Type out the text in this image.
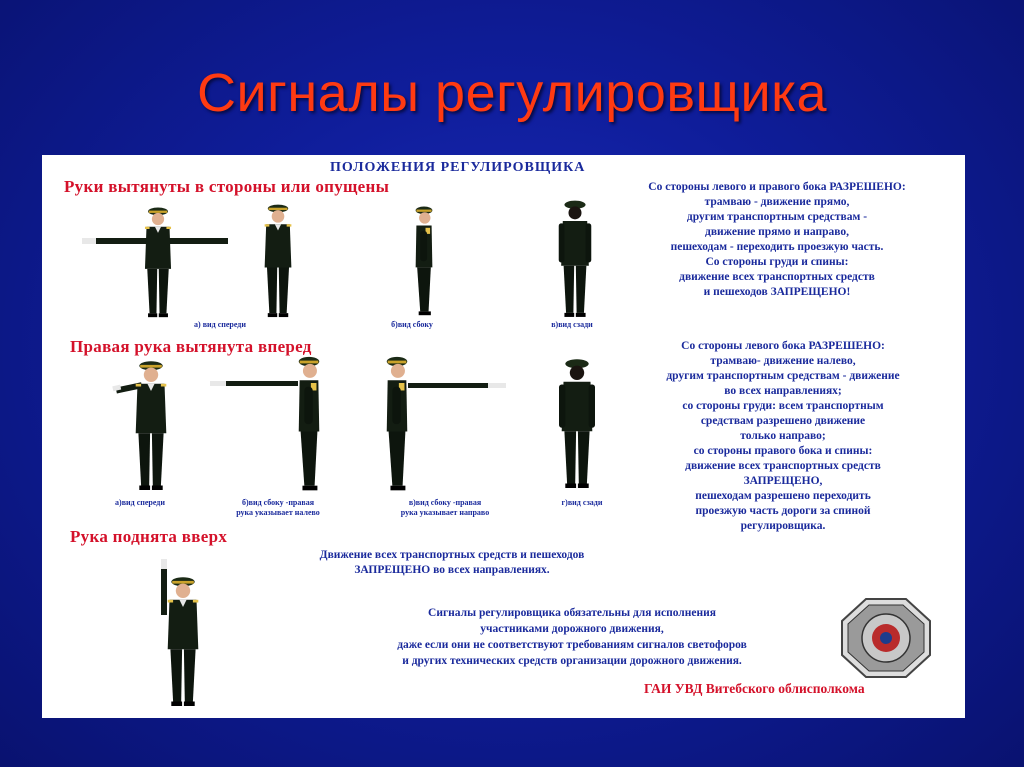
Сигналы регулировщика
ПОЛОЖЕНИЯ РЕГУЛИРОВЩИКА
Руки вытянуты в стороны или опущены
а) вид спереди	б)вид сбоку	в)вид сзади
Со стороны левого и правого бока РАЗРЕШЕНО:
трамваю - движение прямо,
другим транспортным средствам -
движение прямо и направо,
пешеходам - переходить проезжую часть.
Со стороны груди и спины:
движение всех транспортных средств
и пешеходов ЗАПРЕЩЕНО!
Правая рука вытянута вперед
а)вид спереди	б)вид сбоку -правая
рука указывает налево
в)вид сбоку -правая
рука указывает направо
г)вид сзади
Со стороны левого бока РАЗРЕШЕНО:
трамваю- движение налево,
другим транспортным средствам - движение
во всех направлениях;
со стороны груди: всем транспортным
средствам разрешено движение
только направо;
со стороны правого бока и спины:
движение всех транспортных средств
ЗАПРЕЩЕНО,
пешеходам разрешено переходить
проезжую часть дороги за спиной
регулировщика.
Рука поднята вверх
Движение всех транспортных средств и пешеходов
ЗАПРЕЩЕНО во всех направлениях.
Сигналы регулировщика обязательны для исполнения
участниками дорожного движения,
даже если они не соответствуют требованиям сигналов светофоров
и других технических средств организации дорожного движения.
ГАИ УВД Витебского облисполкома
